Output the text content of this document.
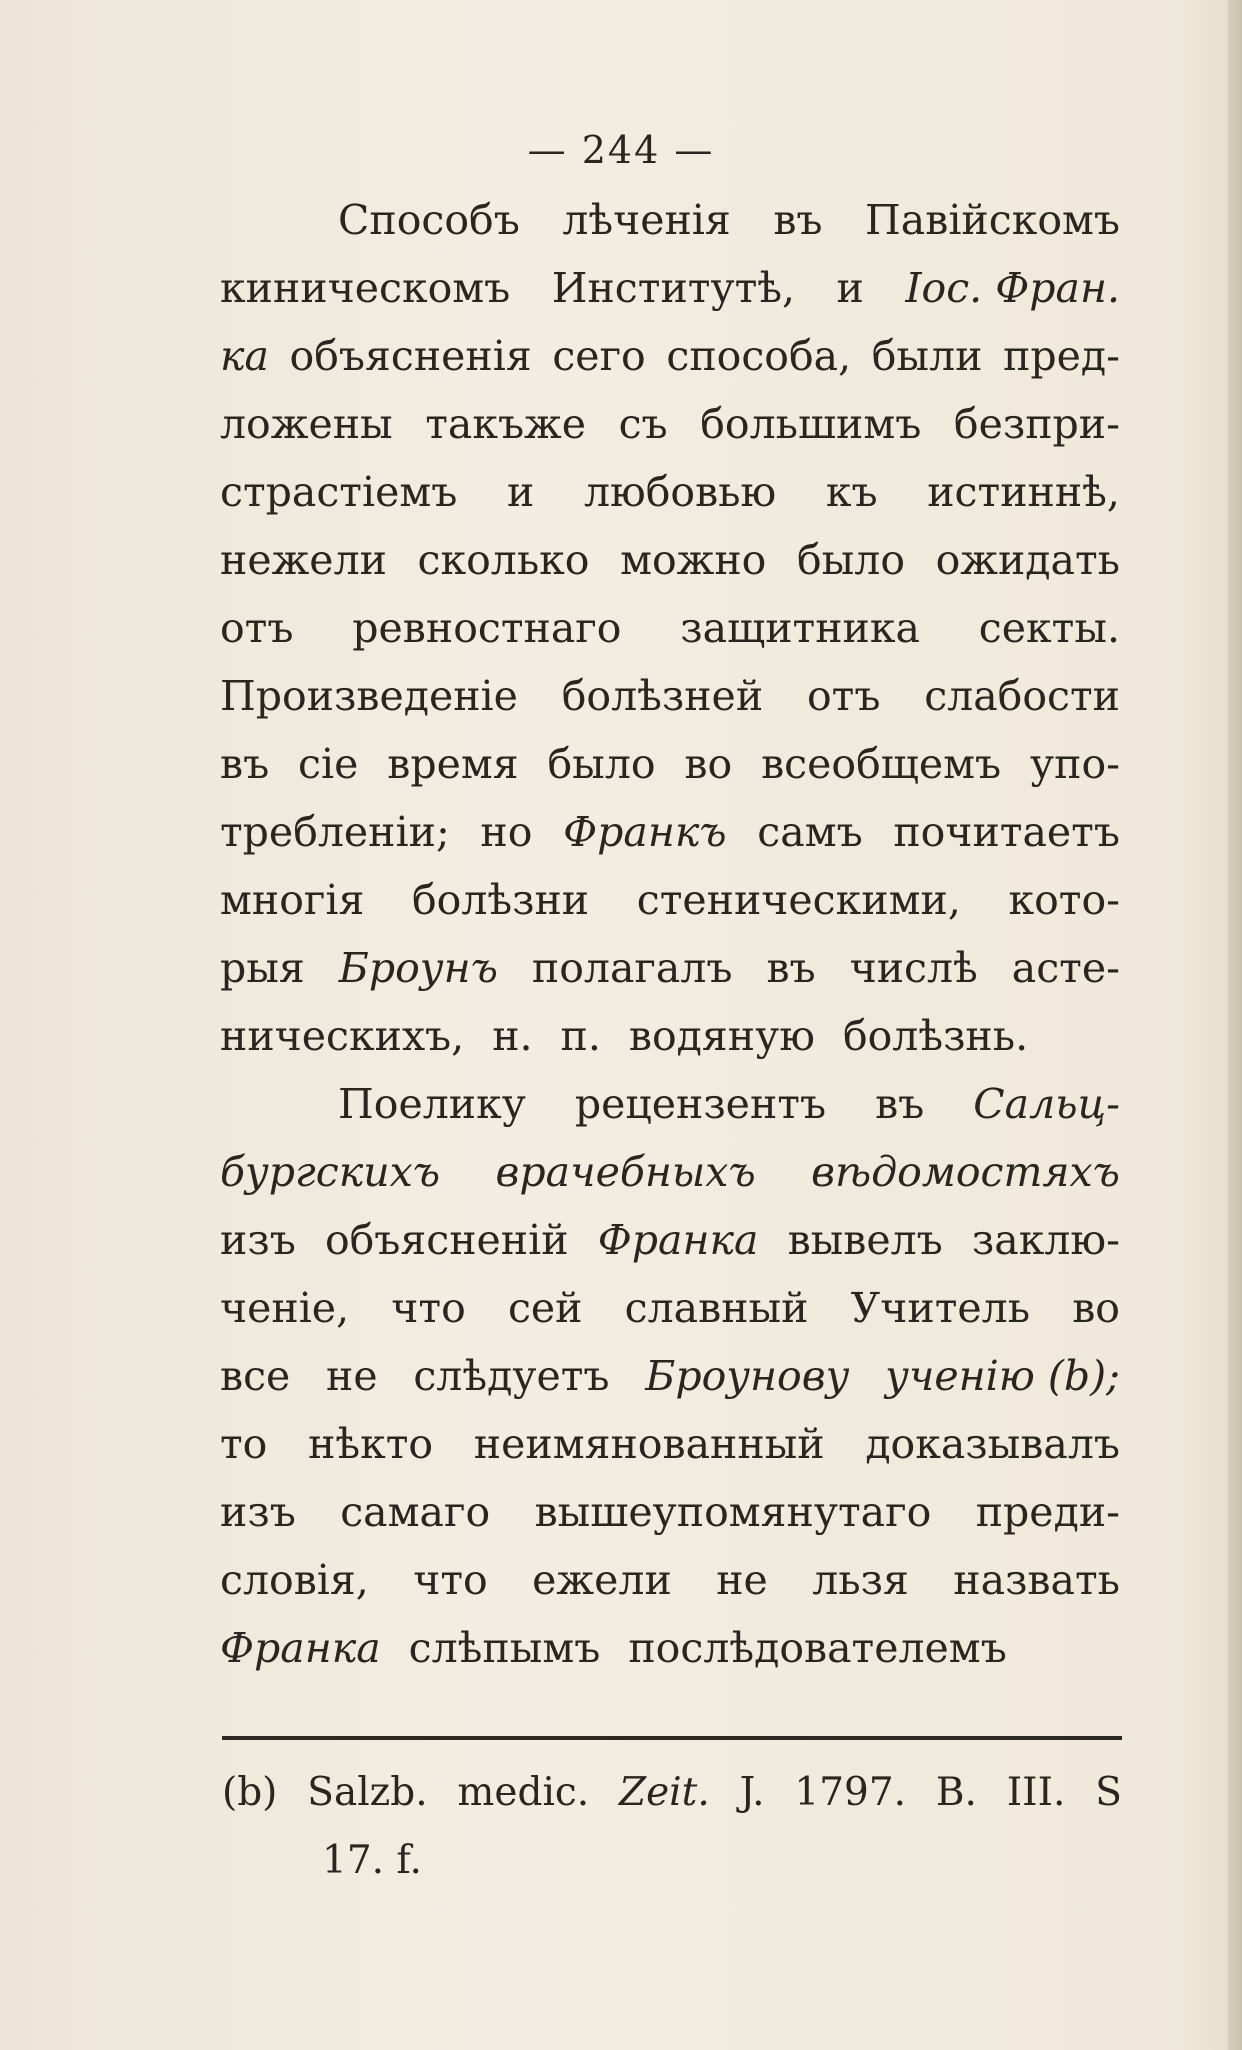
— 244 —
Способъ лѣченія въ Павійскомъ
киническомъ Институтѣ, и Іос. Фран.
ка объясненія сего способа, были пред-
ложены такъже съ большимъ безпри-
страстіемъ и любовью къ истиннѣ,
нежели сколько можно было ожидать
отъ ревностнаго защитника секты.
Произведеніе болѣзней отъ слабости
въ сіе время было во всеобщемъ упо-
требленіи; но Франкъ самъ почитаетъ
многія болѣзни стеническими, кото-
рыя Броунъ полагалъ въ числѣ асте-
ническихъ, н. п. водяную болѣзнь.
Поелику рецензентъ въ Сальц-
бургскихъ врачебныхъ вѣдомостяхъ
изъ объясненій Франка вывелъ заклю-
ченіе, что сей славный Учитель во
все не слѣдуетъ Броунову ученію (b);
то нѣкто неимянованный доказывалъ
изъ самаго вышеупомянутаго преди-
словія, что ежели не льзя назвать
Франка слѣпымъ послѣдователемъ
(b) Salzb. medic. Zeit. J. 1797. B. III. S
17. f.
